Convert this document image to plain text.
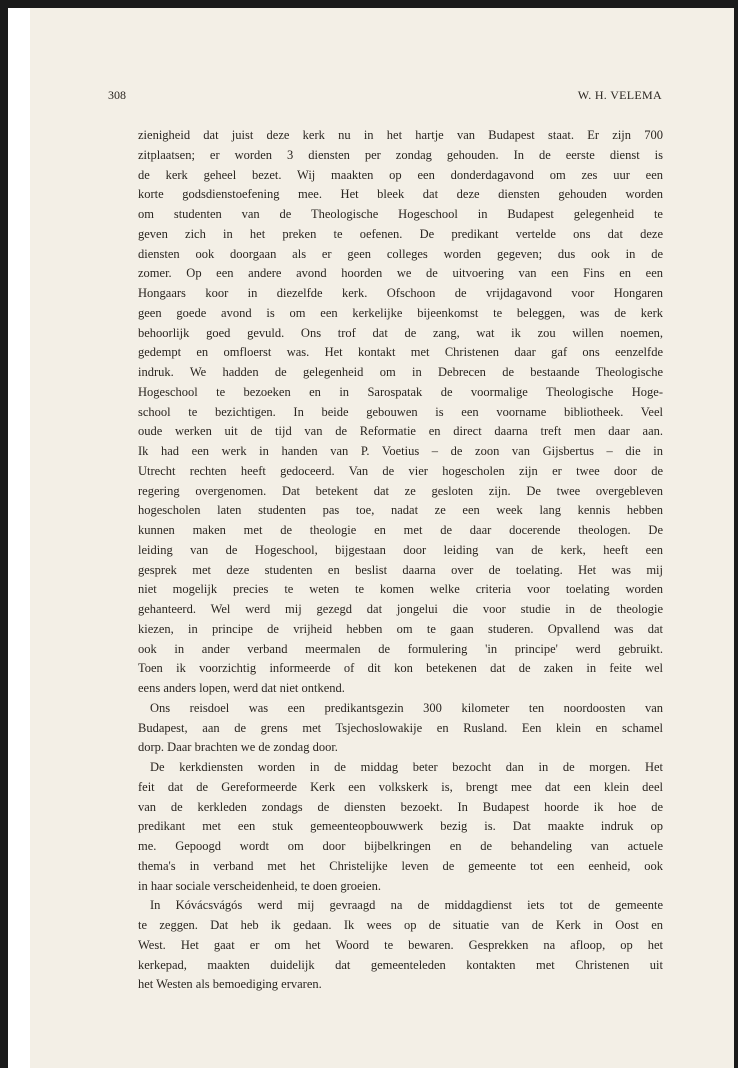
308	W. H. VELEMA
zienigheid dat juist deze kerk nu in het hartje van Budapest staat. Er zijn 700
zitplaatsen; er worden 3 diensten per zondag gehouden. In de eerste dienst is
de kerk geheel bezet. Wij maakten op een donderdagavond om zes uur een
korte godsdienstoefening mee. Het bleek dat deze diensten gehouden worden
om studenten van de Theologische Hogeschool in Budapest gelegenheid te
geven zich in het preken te oefenen. De predikant vertelde ons dat deze
diensten ook doorgaan als er geen colleges worden gegeven; dus ook in de
zomer. Op een andere avond hoorden we de uitvoering van een Fins en een
Hongaars koor in diezelfde kerk. Ofschoon de vrijdagavond voor Hongaren
geen goede avond is om een kerkelijke bijeenkomst te beleggen, was de kerk
behoorlijk goed gevuld. Ons trof dat de zang, wat ik zou willen noemen,
gedempt en omfloerst was. Het kontakt met Christenen daar gaf ons eenzelfde
indruk. We hadden de gelegenheid om in Debrecen de bestaande Theologische
Hogeschool te bezoeken en in Sarospatak de voormalige Theologische Hoge-
school te bezichtigen. In beide gebouwen is een voorname bibliotheek. Veel
oude werken uit de tijd van de Reformatie en direct daarna treft men daar aan.
Ik had een werk in handen van P. Voetius – de zoon van Gijsbertus – die in
Utrecht rechten heeft gedoceerd. Van de vier hogescholen zijn er twee door de
regering overgenomen. Dat betekent dat ze gesloten zijn. De twee overgebleven
hogescholen laten studenten pas toe, nadat ze een week lang kennis hebben
kunnen maken met de theologie en met de daar docerende theologen. De
leiding van de Hogeschool, bijgestaan door leiding van de kerk, heeft een
gesprek met deze studenten en beslist daarna over de toelating. Het was mij
niet mogelijk precies te weten te komen welke criteria voor toelating worden
gehanteerd. Wel werd mij gezegd dat jongelui die voor studie in de theologie
kiezen, in principe de vrijheid hebben om te gaan studeren. Opvallend was dat
ook in ander verband meermalen de formulering 'in principe' werd gebruikt.
Toen ik voorzichtig informeerde of dit kon betekenen dat de zaken in feite wel
eens anders lopen, werd dat niet ontkend.
Ons reisdoel was een predikantsgezin 300 kilometer ten noordoosten van
Budapest, aan de grens met Tsjechoslowakije en Rusland. Een klein en schamel
dorp. Daar brachten we de zondag door.
De kerkdiensten worden in de middag beter bezocht dan in de morgen. Het
feit dat de Gereformeerde Kerk een volkskerk is, brengt mee dat een klein deel
van de kerkleden zondags de diensten bezoekt. In Budapest hoorde ik hoe de
predikant met een stuk gemeenteopbouwwerk bezig is. Dat maakte indruk op
me. Gepoogd wordt om door bijbelkringen en de behandeling van actuele
thema's in verband met het Christelijke leven de gemeente tot een eenheid, ook
in haar sociale verscheidenheid, te doen groeien.
In Kóvácsvágós werd mij gevraagd na de middagdienst iets tot de gemeente
te zeggen. Dat heb ik gedaan. Ik wees op de situatie van de Kerk in Oost en
West. Het gaat er om het Woord te bewaren. Gesprekken na afloop, op het
kerkepad, maakten duidelijk dat gemeenteleden kontakten met Christenen uit
het Westen als bemoediging ervaren.
